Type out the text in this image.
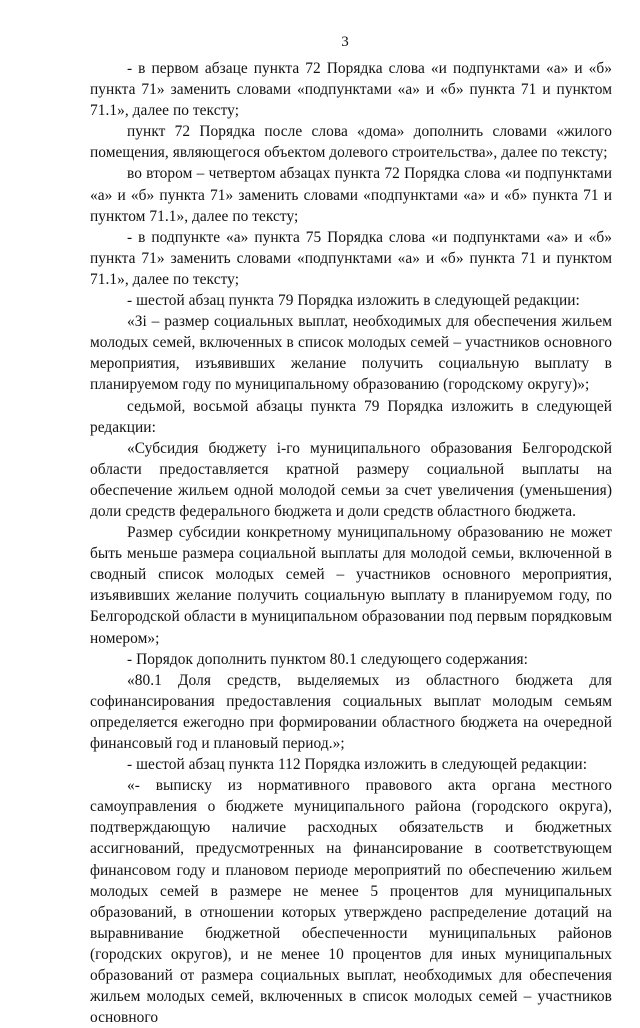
3

- в первом абзаце пункта 72 Порядка слова «и подпунктами «а» и «б» пункта 71» заменить словами «подпунктами «а» и «б» пункта 71 и пунктом 71.1», далее по тексту;

пункт 72 Порядка после слова «дома» дополнить словами «жилого помещения, являющегося объектом долевого строительства», далее по тексту;

во втором – четвертом абзацах пункта 72 Порядка слова «и подпунктами «а» и «б» пункта 71» заменить словами «подпунктами «а» и «б» пункта 71 и пунктом 71.1», далее по тексту;

- в подпункте «а» пункта 75 Порядка слова «и подпунктами «а» и «б» пункта 71» заменить словами «подпунктами «а» и «б» пункта 71 и пунктом 71.1», далее по тексту;

- шестой абзац пункта 79 Порядка изложить в следующей редакции:

«Зi – размер социальных выплат, необходимых для обеспечения жильем молодых семей, включенных в список молодых семей – участников основного мероприятия, изъявивших желание получить социальную выплату в планируемом году по муниципальному образованию (городскому округу)»;

седьмой, восьмой абзацы пункта 79 Порядка изложить в следующей редакции:

«Субсидия бюджету i-го муниципального образования Белгородской области предоставляется кратной размеру социальной выплаты на обеспечение жильем одной молодой семьи за счет увеличения (уменьшения) доли средств федерального бюджета и доли средств областного бюджета.

Размер субсидии конкретному муниципальному образованию не может быть меньше размера социальной выплаты для молодой семьи, включенной в сводный список молодых семей – участников основного мероприятия, изъявивших желание получить социальную выплату в планируемом году, по Белгородской области в муниципальном образовании под первым порядковым номером»;

- Порядок дополнить пунктом 80.1 следующего содержания:

«80.1 Доля средств, выделяемых из областного бюджета для софинансирования предоставления социальных выплат молодым семьям определяется ежегодно при формировании областного бюджета на очередной финансовый год и плановый период.»;

- шестой абзац пункта 112 Порядка изложить в следующей редакции:

«- выписку из нормативного правового акта органа местного самоуправления о бюджете муниципального района (городского округа), подтверждающую наличие расходных обязательств и бюджетных ассигнований, предусмотренных на финансирование в соответствующем финансовом году и плановом периоде мероприятий по обеспечению жильем молодых семей в размере не менее 5 процентов для муниципальных образований, в отношении которых утверждено распределение дотаций на выравнивание бюджетной обеспеченности муниципальных районов (городских округов), и не менее 10 процентов для иных муниципальных образований от размера социальных выплат, необходимых для обеспечения жильем молодых семей, включенных в список молодых семей – участников основного
